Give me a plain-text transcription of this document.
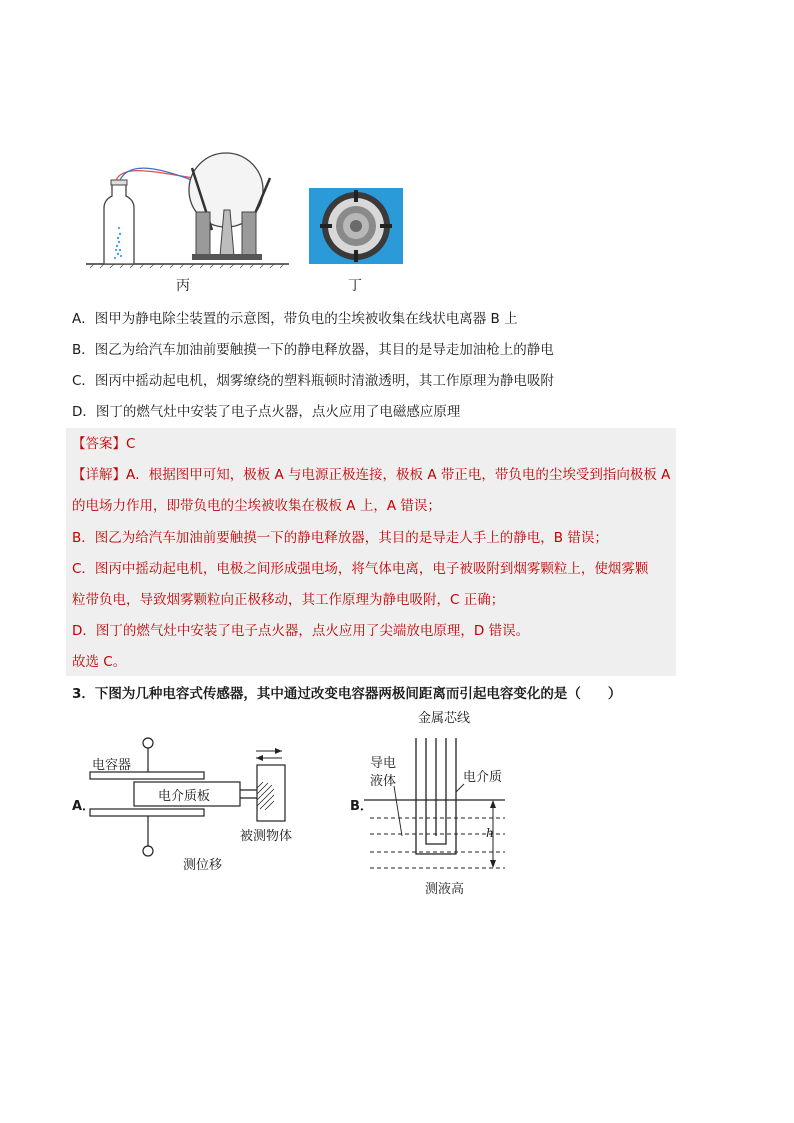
丙	丁
A．图甲为静电除尘装置的示意图，带负电的尘埃被收集在线状电离器 B 上
B．图乙为给汽车加油前要触摸一下的静电释放器，其目的是导走加油枪上的静电
C．图丙中摇动起电机，烟雾缭绕的塑料瓶顿时清澈透明，其工作原理为静电吸附
D．图丁的燃气灶中安装了电子点火器，点火应用了电磁感应原理
【答案】C
【详解】A．根据图甲可知，极板 A 与电源正极连接，极板 A 带正电，带负电的尘埃受到指向极板 A
的电场力作用，即带负电的尘埃被收集在极板 A 上，A 错误；
B．图乙为给汽车加油前要触摸一下的静电释放器，其目的是导走人手上的静电，B 错误；
C．图丙中摇动起电机，电极之间形成强电场，将气体电离，电子被吸附到烟雾颗粒上，使烟雾颗
粒带负电，导致烟雾颗粒向正极移动，其工作原理为静电吸附，C 正确；
D．图丁的燃气灶中安装了电子点火器，点火应用了尖端放电原理，D 错误。
故选 C。
3．下图为几种电容式传感器，其中通过改变电容器两极间距离而引起电容变化的是（　　）
A．
电容器
电介质板
被测物体
测位移
B．
金属芯线
导电
液体	电介质
h
测液高
